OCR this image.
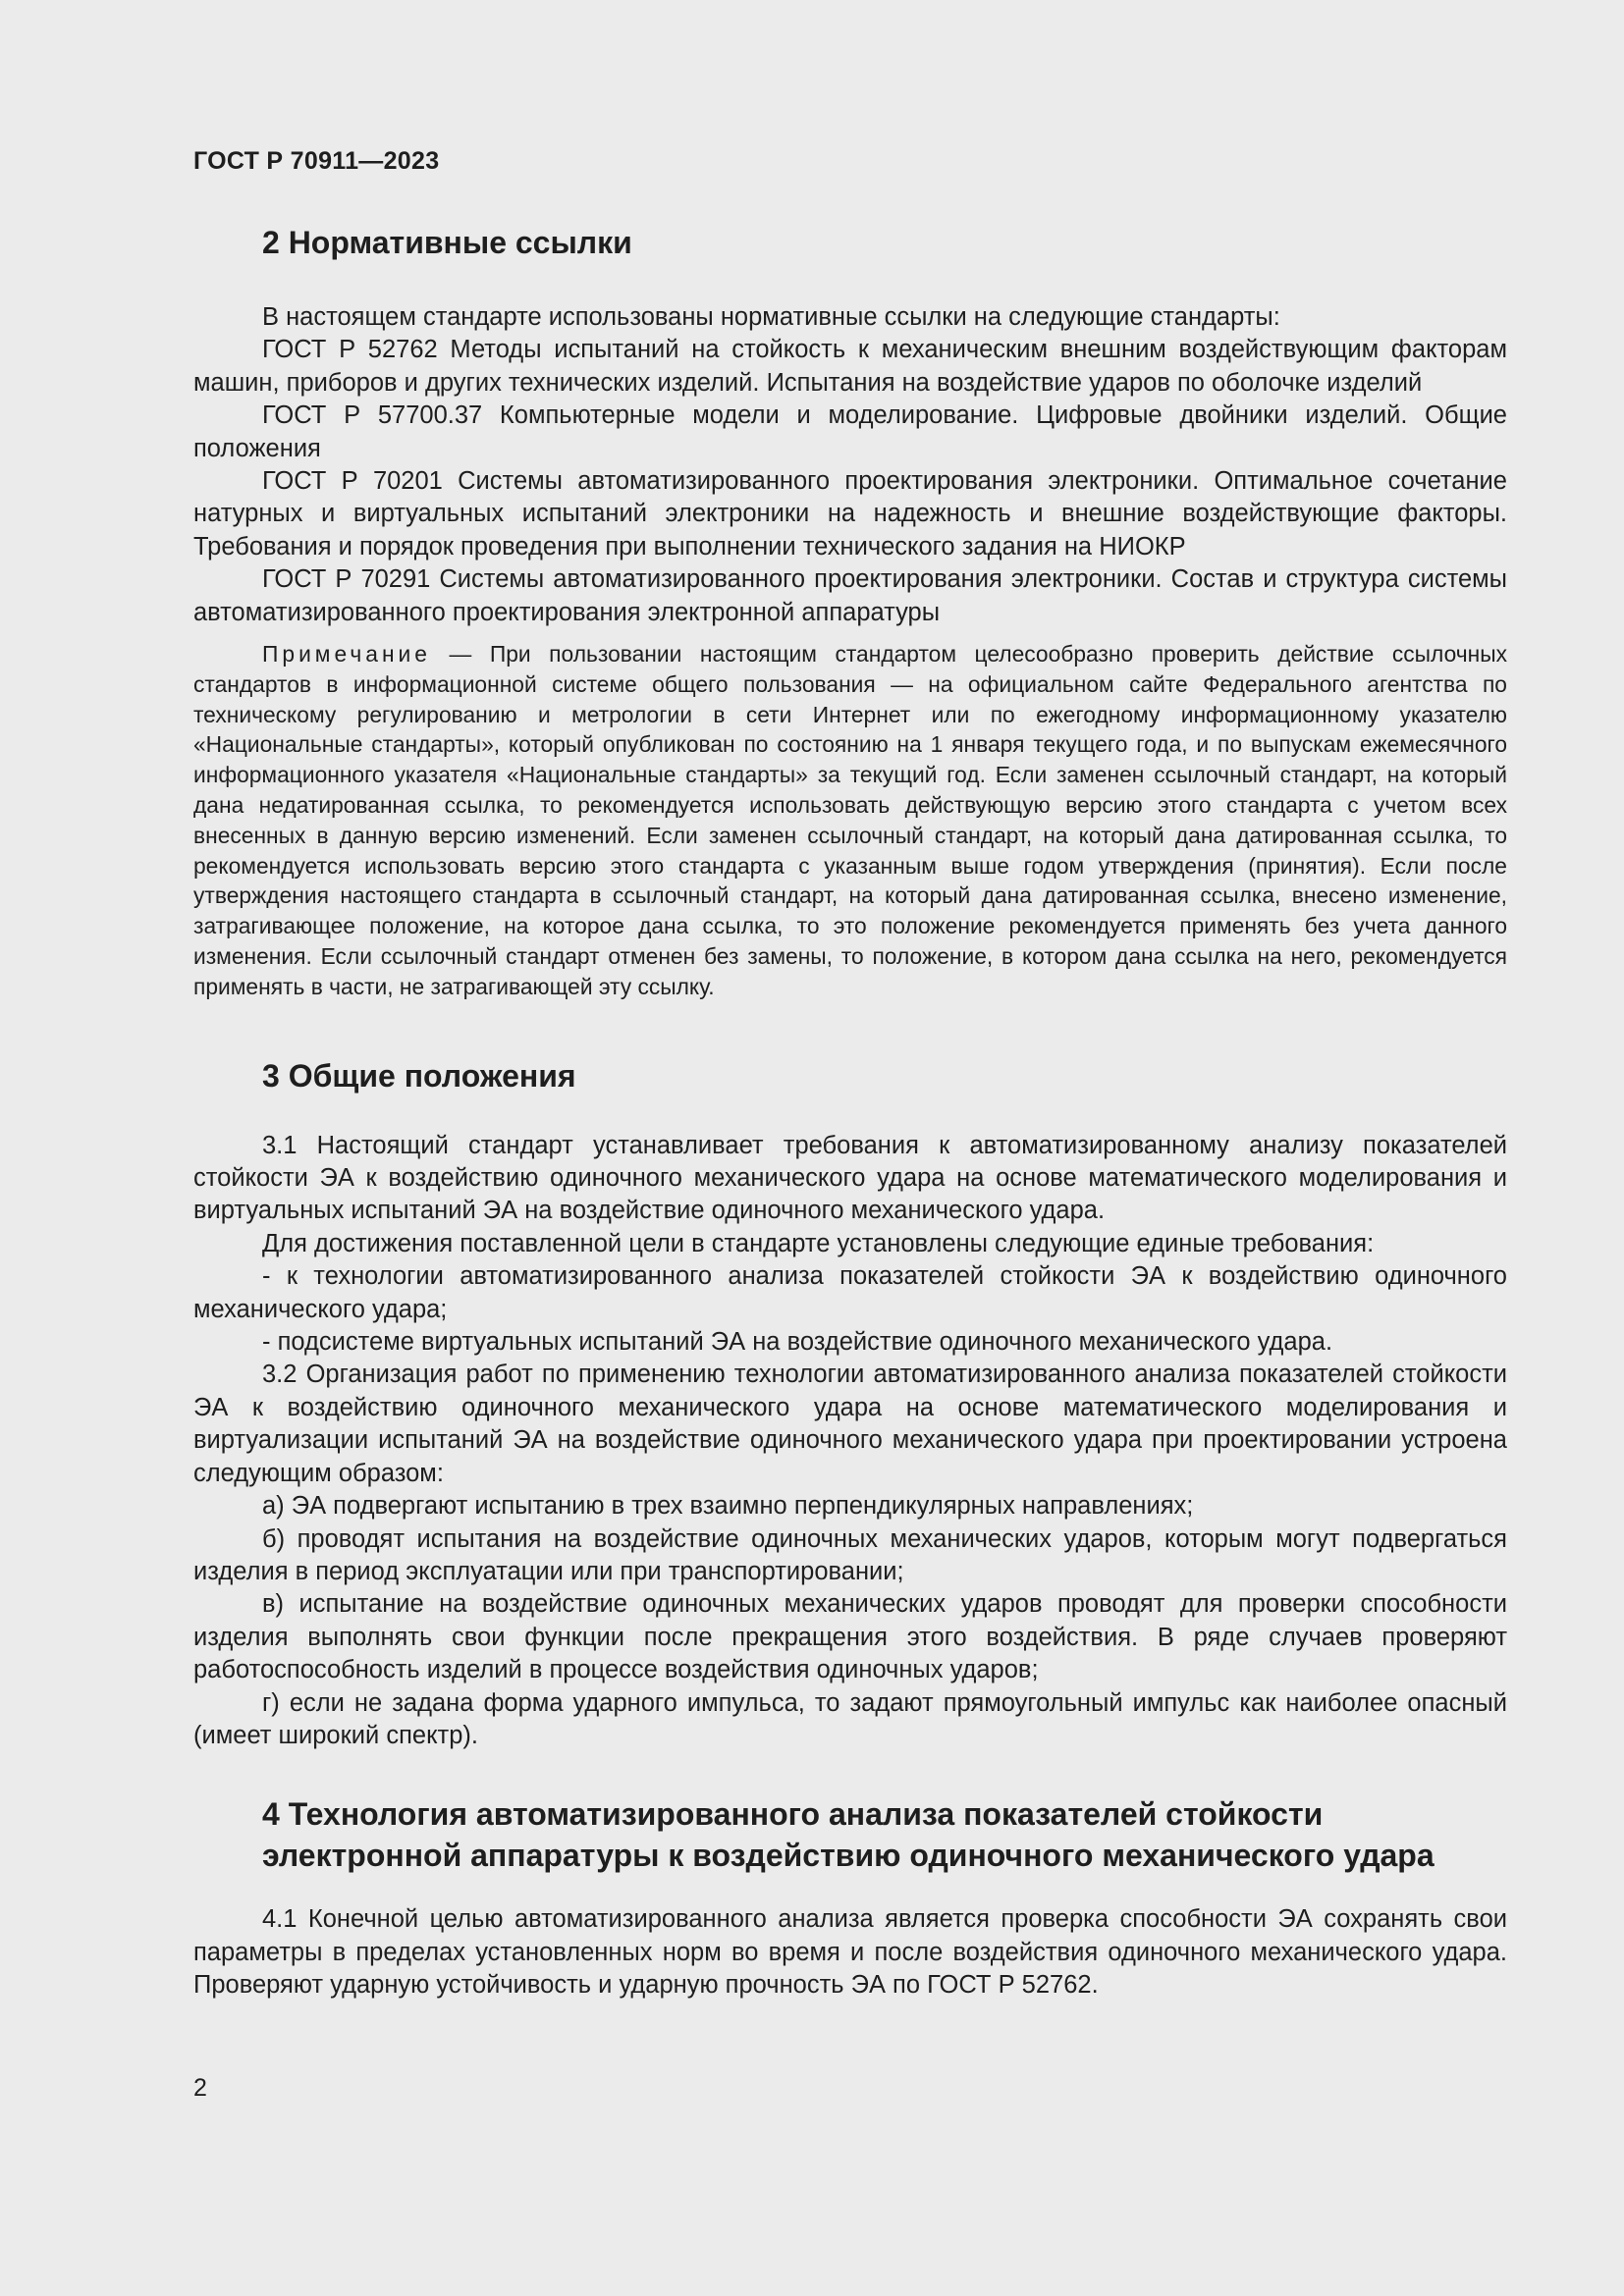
ГОСТ Р 70911—2023
2 Нормативные ссылки

В настоящем стандарте использованы нормативные ссылки на следующие стандарты:

ГОСТ Р 52762 Методы испытаний на стойкость к механическим внешним воздействующим факторам машин, приборов и других технических изделий. Испытания на воздействие ударов по оболочке изделий

ГОСТ Р 57700.37 Компьютерные модели и моделирование. Цифровые двойники изделий. Общие положения

ГОСТ Р 70201 Системы автоматизированного проектирования электроники. Оптимальное сочетание натурных и виртуальных испытаний электроники на надежность и внешние воздействующие факторы. Требования и порядок проведения при выполнении технического задания на НИОКР

ГОСТ Р 70291 Системы автоматизированного проектирования электроники. Состав и структура системы автоматизированного проектирования электронной аппаратуры

Примечание — При пользовании настоящим стандартом целесообразно проверить действие ссылочных стандартов в информационной системе общего пользования — на официальном сайте Федерального агентства по техническому регулированию и метрологии в сети Интернет или по ежегодному информационному указателю «Национальные стандарты», который опубликован по состоянию на 1 января текущего года, и по выпускам ежемесячного информационного указателя «Национальные стандарты» за текущий год. Если заменен ссылочный стандарт, на который дана недатированная ссылка, то рекомендуется использовать действующую версию этого стандарта с учетом всех внесенных в данную версию изменений. Если заменен ссылочный стандарт, на который дана датированная ссылка, то рекомендуется использовать версию этого стандарта с указанным выше годом утверждения (принятия). Если после утверждения настоящего стандарта в ссылочный стандарт, на который дана датированная ссылка, внесено изменение, затрагивающее положение, на которое дана ссылка, то это положение рекомендуется применять без учета данного изменения. Если ссылочный стандарт отменен без замены, то положение, в котором дана ссылка на него, рекомендуется применять в части, не затрагивающей эту ссылку.

3 Общие положения

3.1 Настоящий стандарт устанавливает требования к автоматизированному анализу показателей стойкости ЭА к воздействию одиночного механического удара на основе математического моделирования и виртуальных испытаний ЭА на воздействие одиночного механического удара.

Для достижения поставленной цели в стандарте установлены следующие единые требования:

- к технологии автоматизированного анализа показателей стойкости ЭА к воздействию одиночного механического удара;

- подсистеме виртуальных испытаний ЭА на воздействие одиночного механического удара.

3.2 Организация работ по применению технологии автоматизированного анализа показателей стойкости ЭА к воздействию одиночного механического удара на основе математического моделирования и виртуализации испытаний ЭА на воздействие одиночного механического удара при проектировании устроена следующим образом:

а) ЭА подвергают испытанию в трех взаимно перпендикулярных направлениях;

б) проводят испытания на воздействие одиночных механических ударов, которым могут подвергаться изделия в период эксплуатации или при транспортировании;

в) испытание на воздействие одиночных механических ударов проводят для проверки способности изделия выполнять свои функции после прекращения этого воздействия. В ряде случаев проверяют работоспособность изделий в процессе воздействия одиночных ударов;

г) если не задана форма ударного импульса, то задают прямоугольный импульс как наиболее опасный (имеет широкий спектр).

4 Технология автоматизированного анализа показателей стойкости
электронной аппаратуры к воздействию одиночного механического удара

4.1 Конечной целью автоматизированного анализа является проверка способности ЭА сохранять свои параметры в пределах установленных норм во время и после воздействия одиночного механического удара. Проверяют ударную устойчивость и ударную прочность ЭА по ГОСТ Р 52762.

2
